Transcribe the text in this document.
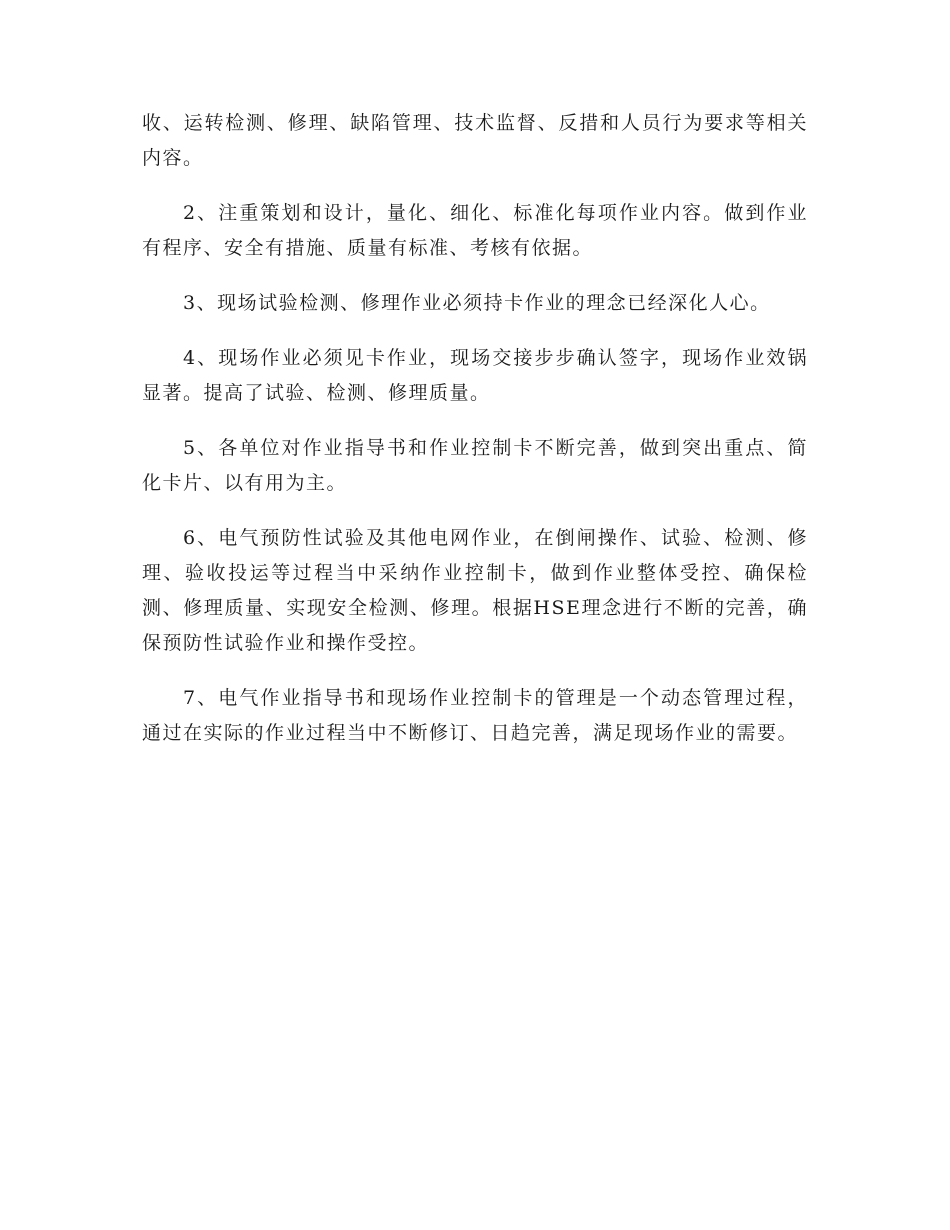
收、运转检测、修理、缺陷管理、技术监督、反措和人员行为要求等相关内容。

2、注重策划和设计，量化、细化、标准化每项作业内容。做到作业有程序、安全有措施、质量有标准、考核有依据。

3、现场试验检测、修理作业必须持卡作业的理念已经深化人心。

4、现场作业必须见卡作业，现场交接步步确认签字，现场作业效锅显著。提高了试验、检测、修理质量。

5、各单位对作业指导书和作业控制卡不断完善，做到突出重点、简化卡片、以有用为主。

6、电气预防性试验及其他电网作业，在倒闸操作、试验、检测、修理、验收投运等过程当中采纳作业控制卡，做到作业整体受控、确保检测、修理质量、实现安全检测、修理。根据HSE理念进行不断的完善，确保预防性试验作业和操作受控。

7、电气作业指导书和现场作业控制卡的管理是一个动态管理过程，通过在实际的作业过程当中不断修订、日趋完善，满足现场作业的需要。
